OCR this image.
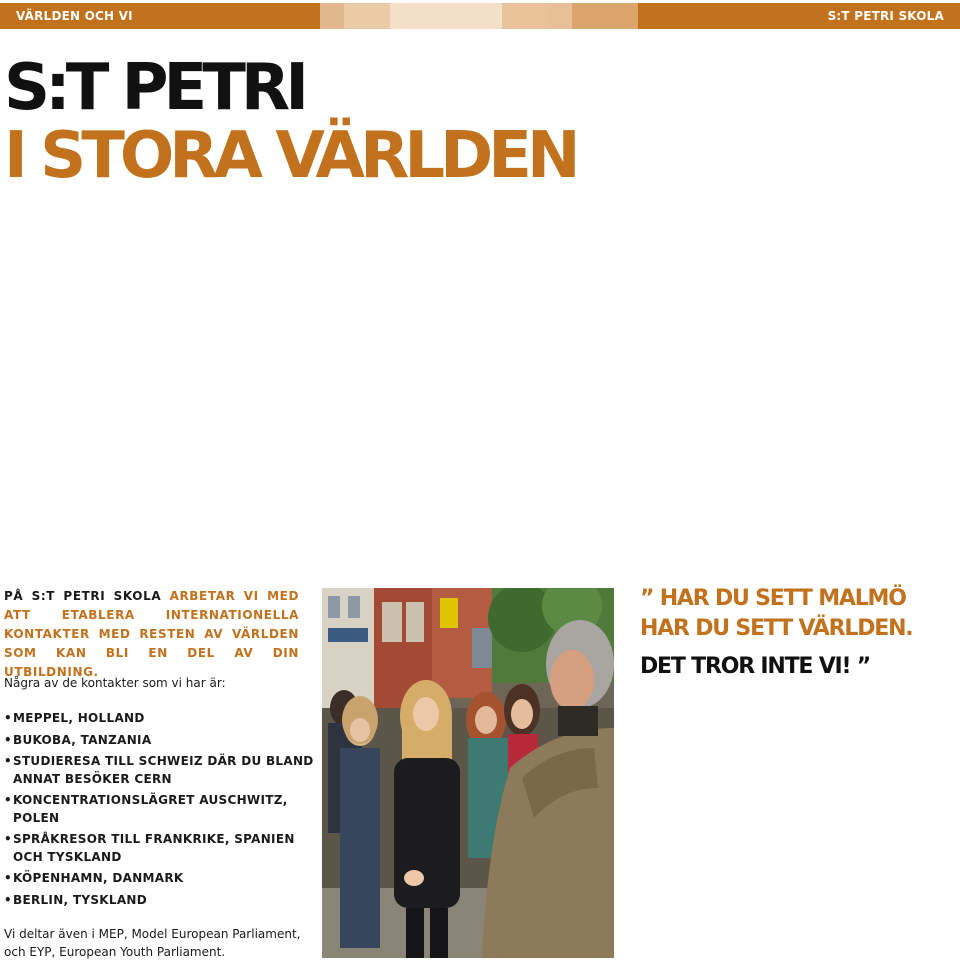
VÄRLDEN OCH VI	S:T PETRI SKOLA
S:T PETRI
I STORA VÄRLDEN
PÅ S:T PETRI SKOLA ARBETAR VI MED ATT ETABLERA INTERNATIONELLA KONTAKTER MED RESTEN AV VÄRLDEN SOM KAN BLI EN DEL AV DIN UTBILDNING.
Några av de kontakter som vi har är:
• MEPPEL, HOLLAND
• BUKOBA, TANZANIA
• STUDIERESA TILL SCHWEIZ DÄR DU BLAND ANNAT BESÖKER CERN
• KONCENTRATIONSLÄGRET AUSCHWITZ, POLEN
• SPRÅKRESOR TILL FRANKRIKE, SPANIEN OCH TYSKLAND
• KÖPENHAMN, DANMARK
• BERLIN, TYSKLAND
Vi deltar även i MEP, Model European Parliament, och EYP, European Youth Parliament.
” HAR DU SETT MALMÖ
HAR DU SETT VÄRLDEN.
DET TROR INTE VI! ”
